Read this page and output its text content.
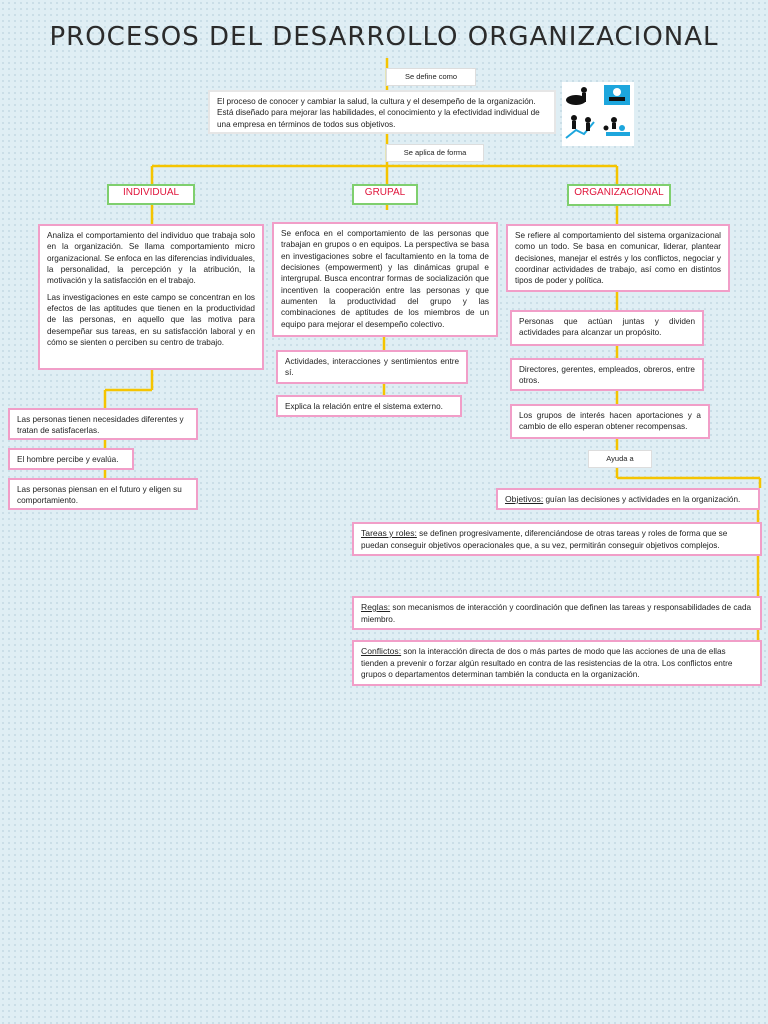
PROCESOS DEL DESARROLLO ORGANIZACIONAL
Se define como
El proceso de conocer y cambiar la salud, la cultura y el desempeño de la organización. Está diseñado para mejorar las habilidades, el conocimiento y la efectividad individual de una empresa en términos de todos sus objetivos.
Se aplica de forma
INDIVIDUAL	GRUPAL	ORGANIZACIONAL

Analiza el comportamiento del individuo que trabaja solo en la organización. Se llama comportamiento micro organizacional. Se enfoca en las diferencias individuales, la personalidad, la percepción y la atribución, la motivación y la satisfacción en el trabajo.

Las investigaciones en este campo se concentran en los efectos de las aptitudes que tienen en la productividad de las personas, en aquello que las motiva para desempeñar sus tareas, en su satisfacción laboral y en cómo se sienten o perciben su centro de trabajo.

Las personas tienen necesidades diferentes y tratan de satisfacerlas.
El hombre percibe y evalúa.
Las personas piensan en el futuro y eligen su comportamiento.
Se enfoca en el comportamiento de las personas que trabajan en grupos o en equipos. La perspectiva se basa en investigaciones sobre el facultamiento en la toma de decisiones (empowerment) y las dinámicas grupal e intergrupal. Busca encontrar formas de socialización que incentiven la cooperación entre las personas y que aumenten la productividad del grupo y las combinaciones de aptitudes de los miembros de un equipo para mejorar el desempeño colectivo.
Actividades, interacciones y sentimientos entre sí.
Explica la relación entre el sistema externo.
Se refiere al comportamiento del sistema organizacional como un todo. Se basa en comunicar, liderar, plantear decisiones, manejar el estrés y los conflictos, negociar y coordinar actividades de trabajo, así como en distintos tipos de poder y política.
Personas que actúan juntas y dividen actividades para alcanzar un propósito.
Directores, gerentes, empleados, obreros, entre otros.
Los grupos de interés hacen aportaciones y a cambio de ello esperan obtener recompensas.
Ayuda a
Objetivos: guían las decisiones y actividades en la organización.
Tareas y roles: se definen progresivamente, diferenciándose de otras tareas y roles de forma que se puedan conseguir objetivos operacionales que, a su vez, permitirán conseguir objetivos complejos.
Reglas: son mecanismos de interacción y coordinación que definen las tareas y responsabilidades de cada miembro.
Conflictos: son la interacción directa de dos o más partes de modo que las acciones de una de ellas tienden a prevenir o forzar algún resultado en contra de las resistencias de la otra. Los conflictos entre grupos o departamentos determinan también la conducta en la organización.
